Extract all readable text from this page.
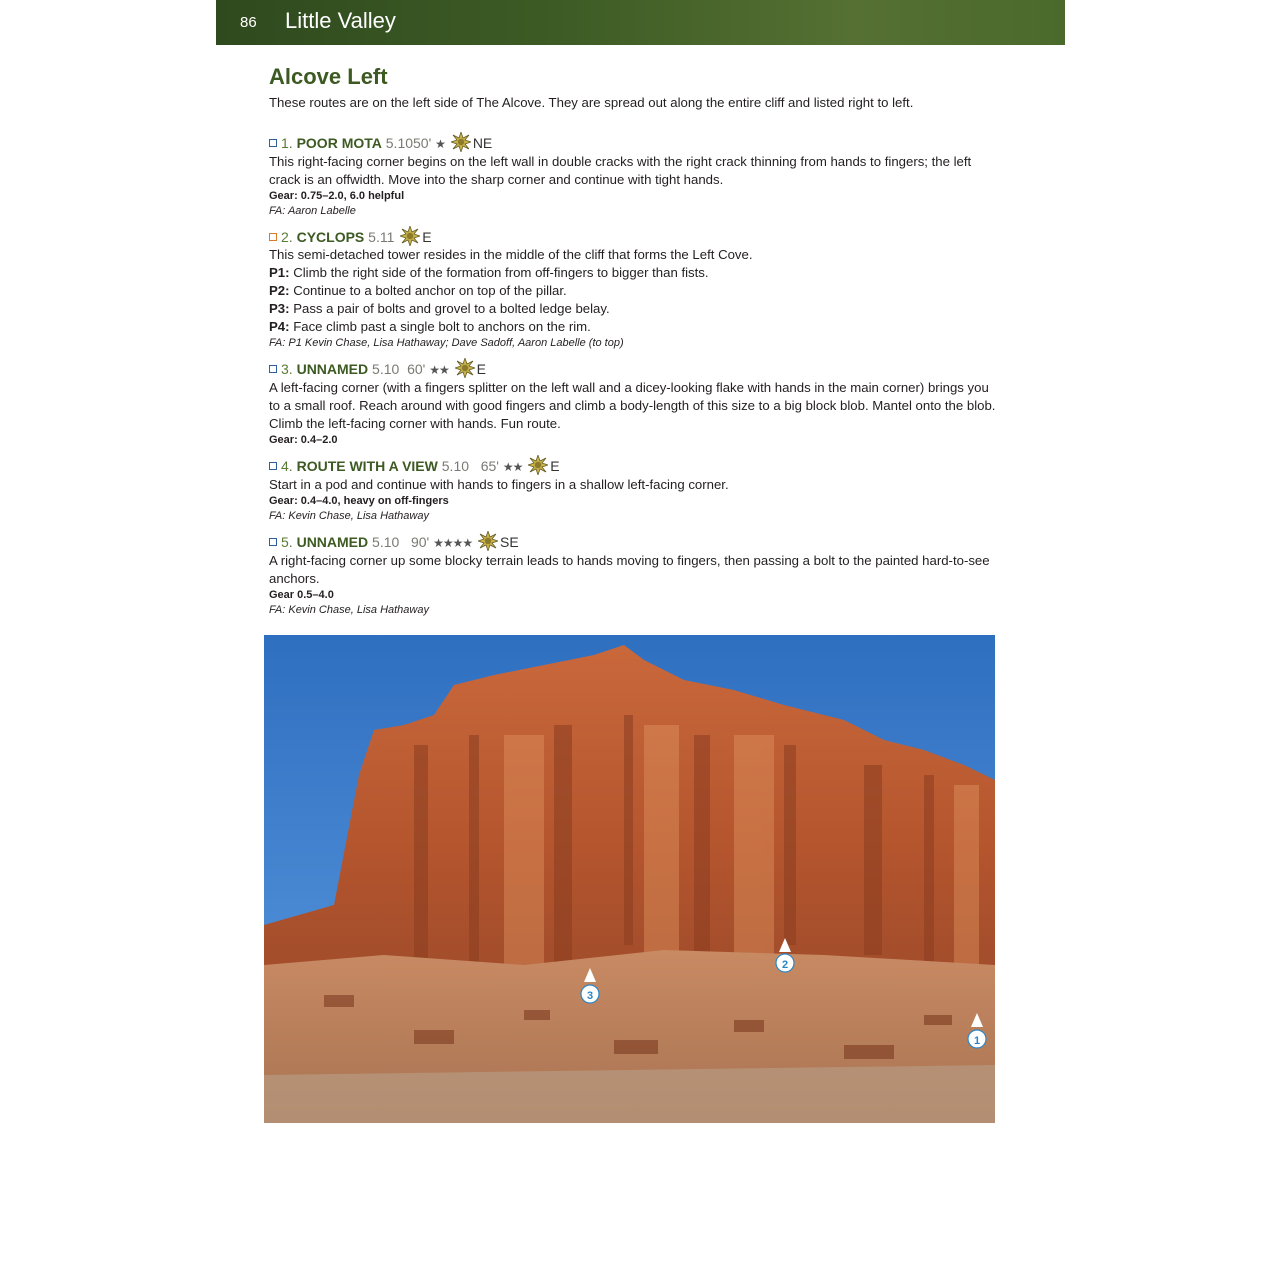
86 Little Valley
Alcove Left

These routes are on the left side of The Alcove. They are spread out along the entire cliff and listed right to left.

1. POOR MOTA 5.1050' ★ NE
This right-facing corner begins on the left wall in double cracks with the right crack thinning from hands to fingers; the left crack is an offwidth. Move into the sharp corner and continue with tight hands.
Gear: 0.75–2.0, 6.0 helpful
FA: Aaron Labelle
2. CYCLOPS 5.11 E
This semi-detached tower resides in the middle of the cliff that forms the Left Cove.
P1: Climb the right side of the formation from off-fingers to bigger than fists.
P2: Continue to a bolted anchor on top of the pillar.
P3: Pass a pair of bolts and grovel to a bolted ledge belay.
P4: Face climb past a single bolt to anchors on the rim.
FA: P1 Kevin Chase, Lisa Hathaway; Dave Sadoff, Aaron Labelle (to top)
3. UNNAMED 5.10 60' ★★ E
A left-facing corner (with a fingers splitter on the left wall and a dicey-looking flake with hands in the main corner) brings you to a small roof. Reach around with good fingers and climb a body-length of this size to a big block blob. Mantel onto the blob. Climb the left-facing corner with hands. Fun route.
Gear: 0.4–2.0
4. ROUTE WITH A VIEW 5.10 65' ★★ E
Start in a pod and continue with hands to fingers in a shallow left-facing corner.
Gear: 0.4–4.0, heavy on off-fingers
FA: Kevin Chase, Lisa Hathaway
5. UNNAMED 5.10 90' ★★★★ SE
A right-facing corner up some blocky terrain leads to hands moving to fingers, then passing a bolt to the painted hard-to-see anchors.
Gear 0.5–4.0
FA: Kevin Chase, Lisa Hathaway
3
2
1
